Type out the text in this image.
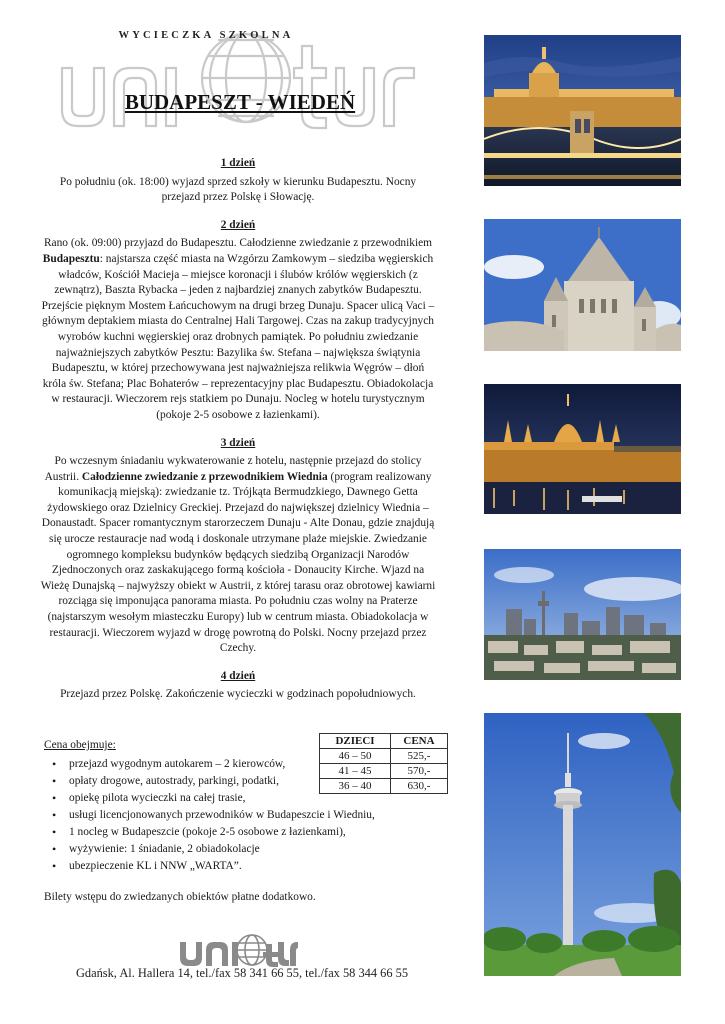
WYCIECZKA SZKOLNA
BUDAPESZT - WIEDEŃ
1 dzień
Po południu (ok. 18:00) wyjazd sprzed szkoły w kierunku Budapesztu. Nocny przejazd przez Polskę i Słowację.
2 dzień
Rano (ok. 09:00) przyjazd do Budapesztu. Całodzienne zwiedzanie z przewodnikiem Budapesztu: najstarsza część miasta na Wzgórzu Zamkowym – siedziba węgierskich władców, Kościół Macieja – miejsce koronacji i ślubów królów węgierskich (z zewnątrz), Baszta Rybacka – jeden z najbardziej znanych zabytków Budapesztu. Przejście pięknym Mostem Łańcuchowym na drugi brzeg Dunaju. Spacer ulicą Vaci – głównym deptakiem miasta do Centralnej Hali Targowej. Czas na zakup tradycyjnych wyrobów kuchni węgierskiej oraz drobnych pamiątek. Po południu zwiedzanie najważniejszych zabytków Pesztu: Bazylika św. Stefana – największa świątynia Budapesztu, w której przechowywana jest najważniejsza relikwia Węgrów – dłoń króla św. Stefana; Plac Bohaterów – reprezentacyjny plac Budapesztu. Obiadokolacja w restauracji. Wieczorem rejs statkiem po Dunaju. Nocleg w hotelu turystycznym (pokoje 2-5 osobowe z łazienkami).
3 dzień
Po wczesnym śniadaniu wykwaterowanie z hotelu, następnie przejazd do stolicy Austrii. Całodzienne zwiedzanie z przewodnikiem Wiednia (program realizowany komunikacją miejską): zwiedzanie tz. Trójkąta Bermudzkiego, Dawnego Getta żydowskiego oraz Dzielnicy Greckiej. Przejazd do największej dzielnicy Wiednia – Donaustadt. Spacer romantycznym starorzeczem Dunaju - Alte Donau, gdzie znajdują się urocze restauracje nad wodą i doskonale utrzymane plaże miejskie. Zwiedzanie ogromnego kompleksu budynków będących siedzibą Organizacji Narodów Zjednoczonych oraz zaskakującego formą kościoła - Donaucity Kirche. Wjazd na Wieżę Dunajską – najwyższy obiekt w Austrii, z której tarasu oraz obrotowej kawiarni rozciąga się imponująca panorama miasta. Po południu czas wolny na Praterze (najstarszym wesołym miasteczku Europy) lub w centrum miasta. Obiadokolacja w restauracji. Wieczorem wyjazd w drogę powrotną do Polski. Nocny przejazd przez Czechy.
4 dzień
Przejazd przez Polskę. Zakończenie wycieczki w godzinach popołudniowych.
Cena obejmuje:
• przejazd wygodnym autokarem – 2 kierowców,
• opłaty drogowe, autostrady, parkingi, podatki,
• opiekę pilota wycieczki na całej trasie,
• usługi licencjonowanych przewodników w Budapeszcie i Wiedniu,
• 1 nocleg w Budapeszcie (pokoje 2-5 osobowe z łazienkami),
• wyżywienie: 1 śniadanie, 2 obiadokolacje
• ubezpieczenie KL i NNW „WARTA”.
DZIECI	CENA
46 – 50	525,-
41 – 45	570,-
36 – 40	630,-
Bilety wstępu do zwiedzanych obiektów płatne dodatkowo.
Gdańsk, Al. Hallera 14, tel./fax 58 341 66 55, tel./fax 58 344 66 55
